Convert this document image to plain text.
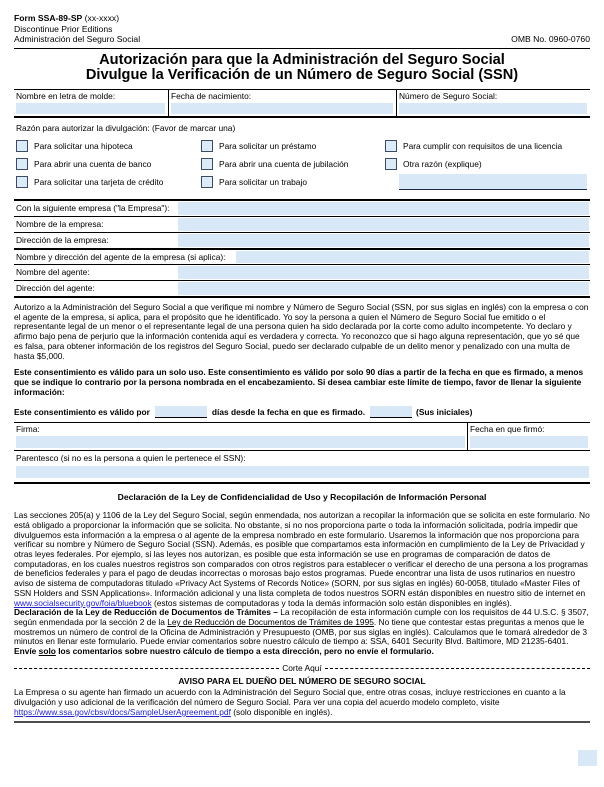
Form SSA-89-SP (xx-xxxx)
Discontinue Prior Editions
Administración del Seguro Social	OMB No. 0960-0760
Autorización para que la Administración del Seguro Social
Divulgue la Verificación de un Número de Seguro Social (SSN)
Nombre en letra de molde:	Fecha de nacimiento:	Número de Seguro Social:
Razón para autorizar la divulgación: (Favor de marcar una)
Para solicitar una hipoteca
Para abrir una cuenta de banco
Para solicitar una tarjeta de crédito
Para solicitar un préstamo
Para abrir una cuenta de jubilación
Para solicitar un trabajo
Para cumplir con requisitos de una licencia
Otra razón (explique)
Con la siguiente empresa ("la Empresa"):
Nombre de la empresa:
Dirección de la empresa:
Nombre y dirección del agente de la empresa (si aplica):
Nombre del agente:
Dirección del agente:
Autorizo a la Administración del Seguro Social a que verifique mi nombre y Número de Seguro Social (SSN, por sus siglas en inglés) con la empresa o con el agente de la empresa, si aplica, para el propósito que he identificado. Yo soy la persona a quien el Número de Seguro Social fue emitido o el representante legal de un menor o el representante legal de una persona quien ha sido declarada por la corte como adulto incompetente. Yo declaro y afirmo bajo pena de perjurio que la información contenida aquí es verdadera y correcta. Yo reconozco que si hago alguna representación, que yo sé que es falsa, para obtener información de los registros del Seguro Social, puedo ser declarado culpable de un delito menor y penalizado con una multa de hasta $5,000.
Este consentimiento es válido para un solo uso. Este consentimiento es válido por solo 90 días a partir de la fecha en que es firmado, a menos que se indique lo contrario por la persona nombrada en el encabezamiento. Si desea cambiar este límite de tiempo, favor de llenar la siguiente información:
Este consentimiento es válido por	días desde la fecha en que es firmado.	(Sus iniciales)
Firma:	Fecha en que firmó:
Parentesco (si no es la persona a quien le pertenece el SSN):
Declaración de la Ley de Confidencialidad de Uso y Recopilación de Información Personal
Las secciones 205(a) y 1106 de la Ley del Seguro Social, según enmendada, nos autorizan a recopilar la información que se solicita en este formulario. No está obligado a proporcionar la información que se solicita. No obstante, si no nos proporciona parte o toda la información solicitada, podría impedir que divulguemos esta información a la empresa o al agente de la empresa nombrado en este formulario. Usaremos la información que nos proporciona para verificar su nombre y Número de Seguro Social (SSN). Además, es posible que compartamos esta información en cumplimiento de la Ley de Privacidad y otras leyes federales. Por ejemplo, si las leyes nos autorizan, es posible que esta información se use en programas de comparación de datos de computadoras, en los cuales nuestros registros son comparados con otros registros para establecer o verificar el derecho de una persona a los programas de beneficios federales y para el pago de deudas incorrectas o morosas bajo estos programas. Puede encontrar una lista de usos rutinarios en nuestro aviso de sistema de computadoras titulado «Privacy Act Systems of Records Notice» (SORN, por sus siglas en inglés) 60-0058, titulado «Master Files of SSN Holders and SSN Applications». Información adicional y una lista completa de todos nuestros SORN están disponibles en nuestro sitio de internet en www.socialsecurity.gov/foia/bluebook (estos sistemas de computadoras y toda la demás información solo están disponibles en inglés).
Declaración de la Ley de Reducción de Documentos de Trámites – La recopilación de esta información cumple con los requisitos de 44 U.S.C. § 3507, según enmendada por la sección 2 de la Ley de Reducción de Documentos de Trámites de 1995. No tiene que contestar estas preguntas a menos que le mostremos un número de control de la Oficina de Administración y Presupuesto (OMB, por sus siglas en inglés). Calculamos que le tomará alrededor de 3 minutos en llenar este formulario. Puede enviar comentarios sobre nuestro cálculo de tiempo a: SSA, 6401 Security Blvd. Baltimore, MD 21235-6401. Envíe solo los comentarios sobre nuestro cálculo de tiempo a esta dirección, pero no envíe el formulario.
Corte Aquí
AVISO PARA EL DUEÑO DEL NÚMERO DE SEGURO SOCIAL
La Empresa o su agente han firmado un acuerdo con la Administración del Seguro Social que, entre otras cosas, incluye restricciones en cuanto a la divulgación y uso adicional de la verificación del número de Seguro Social. Para ver una copia del acuerdo modelo completo, visite https://www.ssa.gov/cbsv/docs/SampleUserAgreement.pdf (solo disponible en inglés).
